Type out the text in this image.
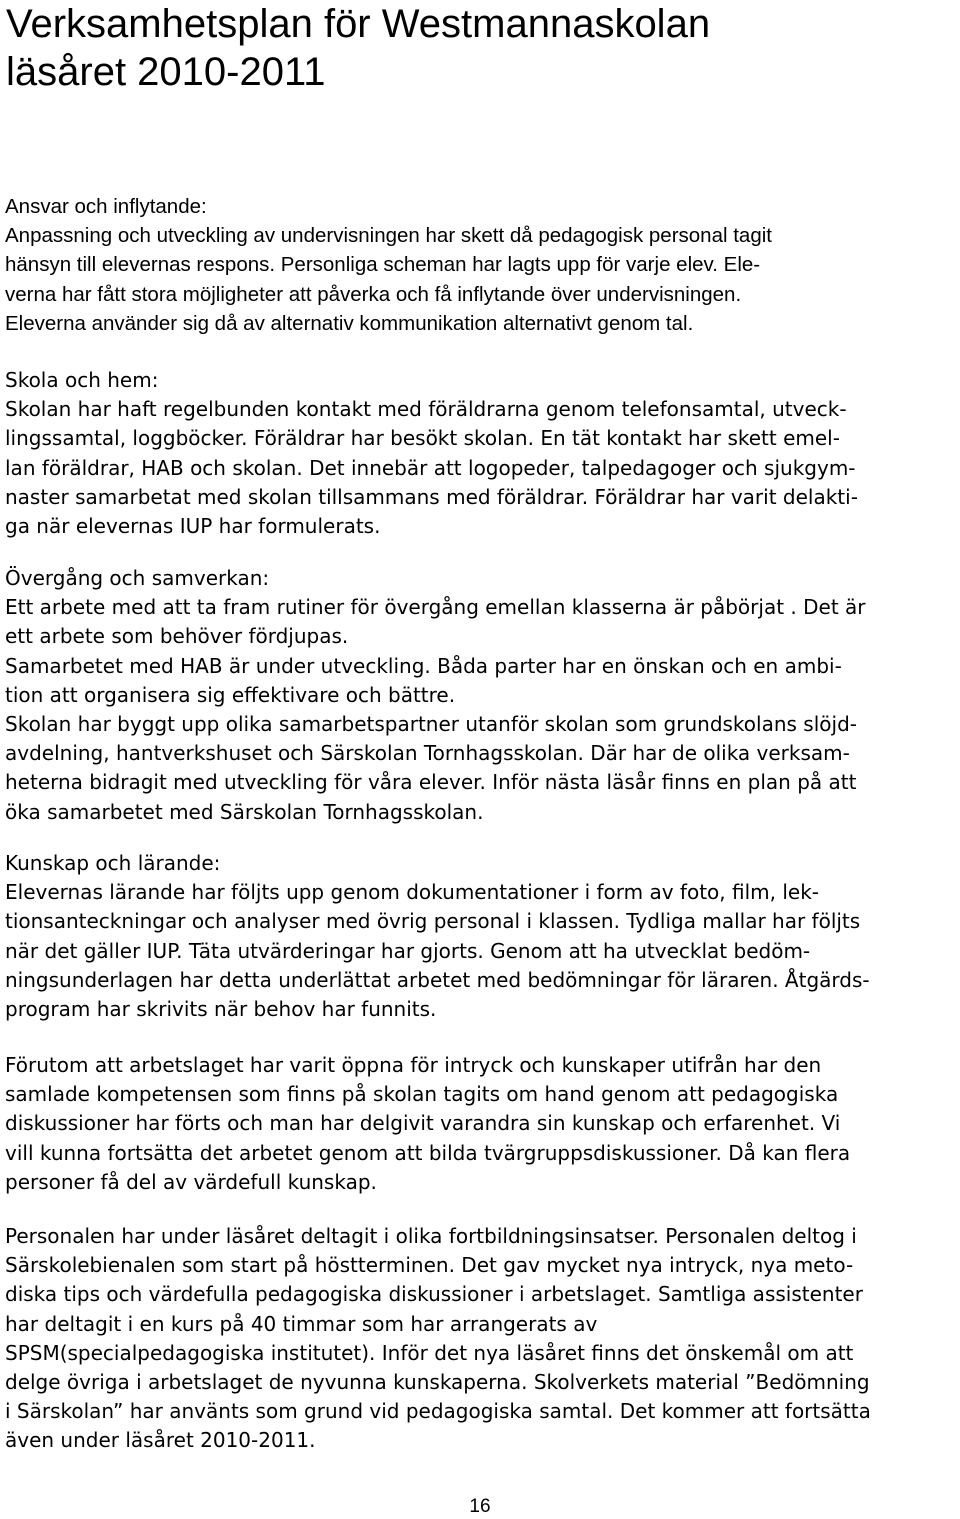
Verksamhetsplan för Westmannaskolan
läsåret 2010-2011
Ansvar och inflytande:
Anpassning och utveckling av undervisningen har skett då pedagogisk personal tagit
hänsyn till elevernas respons. Personliga scheman har lagts upp för varje elev. Ele-
verna har fått stora möjligheter att påverka och få inflytande över undervisningen.
Eleverna använder sig då av alternativ kommunikation alternativt genom tal.
Skola och hem:
Skolan har haft regelbunden kontakt med föräldrarna genom telefonsamtal, utveck-
lingssamtal, loggböcker. Föräldrar har besökt skolan. En tät kontakt har skett emel-
lan föräldrar, HAB och skolan. Det innebär att logopeder, talpedagoger och sjukgym-
naster samarbetat med skolan tillsammans med föräldrar. Föräldrar har varit delakti-
ga när elevernas IUP har formulerats.
Övergång och samverkan:
Ett arbete med att ta fram rutiner för övergång emellan klasserna är påbörjat . Det är
ett arbete som behöver fördjupas.
Samarbetet med HAB är under utveckling. Båda parter har en önskan och en ambi-
tion att organisera sig effektivare och bättre.
Skolan har byggt upp olika samarbetspartner utanför skolan som grundskolans slöjd-
avdelning, hantverkshuset och Särskolan Tornhagsskolan. Där har de olika verksam-
heterna bidragit med utveckling för våra elever. Inför nästa läsår finns en plan på att
öka samarbetet med Särskolan Tornhagsskolan.
Kunskap och lärande:
Elevernas lärande har följts upp genom dokumentationer i form av foto, film, lek-
tionsanteckningar och analyser med övrig personal i klassen. Tydliga mallar har följts
när det gäller IUP. Täta utvärderingar har gjorts. Genom att ha utvecklat bedöm-
ningsunderlagen har detta underlättat arbetet med bedömningar för läraren. Åtgärds-
program har skrivits när behov har funnits.
Förutom att arbetslaget har varit öppna för intryck och kunskaper utifrån har den
samlade kompetensen som finns på skolan tagits om hand genom att pedagogiska
diskussioner har förts och man har delgivit varandra sin kunskap och erfarenhet. Vi
vill kunna fortsätta det arbetet genom att bilda tvärgruppsdiskussioner. Då kan flera
personer få del av värdefull kunskap.
Personalen har under läsåret deltagit i olika fortbildningsinsatser. Personalen deltog i
Särskolebienalen som start på höstterminen. Det gav mycket nya intryck, nya meto-
diska tips och värdefulla pedagogiska diskussioner i arbetslaget. Samtliga assistenter
har deltagit i en kurs på 40 timmar som har arrangerats av
SPSM(specialpedagogiska institutet). Inför det nya läsåret finns det önskemål om att
delge övriga i arbetslaget de nyvunna kunskaperna. Skolverkets material ”Bedömning
i Särskolan” har använts som grund vid pedagogiska samtal. Det kommer att fortsätta
även under läsåret 2010-2011.
16
